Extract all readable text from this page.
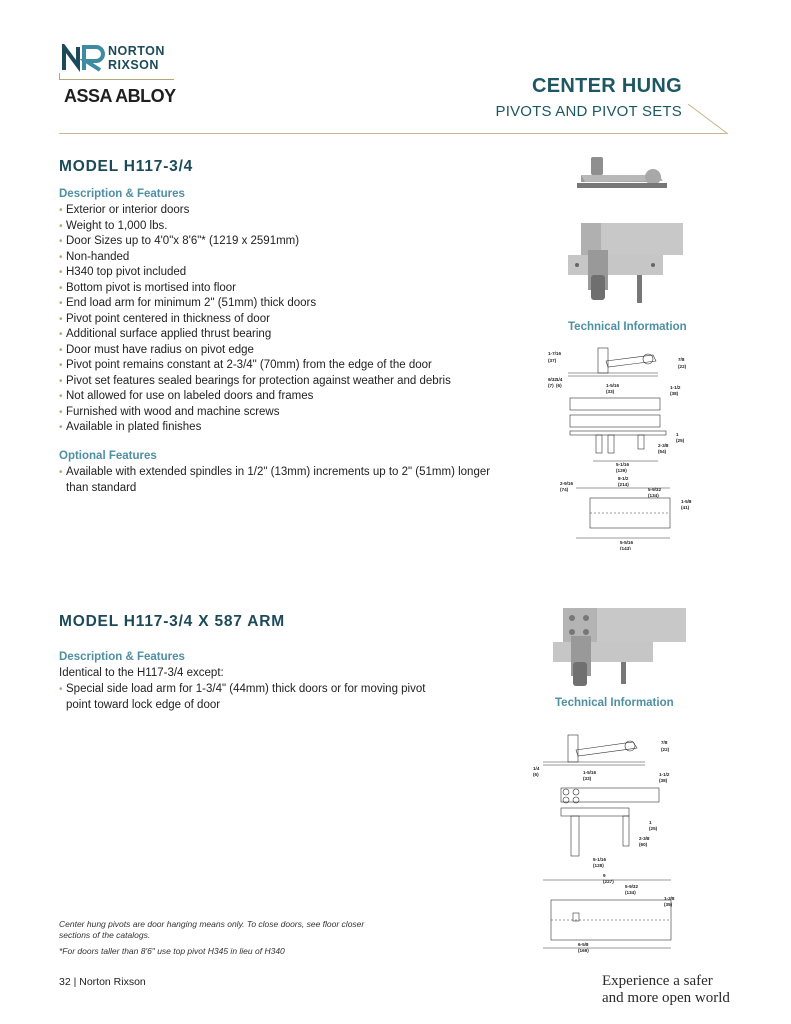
NORTON
RIXSON
ASSA ABLOY	CENTER HUNG
PIVOTS AND PIVOT SETS
MODEL H117-3/4
Description & Features
• Exterior or interior doors
• Weight to 1,000 lbs.
• Door Sizes up to 4'0"x 8'6"* (1219 x 2591mm)
• Non-handed
• H340 top pivot included
• Bottom pivot is mortised into floor
• End load arm for minimum 2" (51mm) thick doors
• Pivot point centered in thickness of door
• Additional surface applied thrust bearing
• Door must have radius on pivot edge
• Pivot point remains constant at 2-3/4" (70mm) from the edge of the door
• Pivot set features sealed bearings for protection against weather and debris
• Not allowed for use on labeled doors and frames
• Furnished with wood and machine screws
• Available in plated finishes
Optional Features
• Available with extended spindles in 1/2" (13mm) increments up to 2" (51mm) longer than standard
Technical Information
1-7/16
(37)	7/8
(22)
9/32
(7)
1/4
(6)	1-5/16
(33)
1-1/2
(38)
1
(25)
2-3/8
(54)
5-1/16
(129)
8-1/2
(214)
5-9/32
(134)
2-9/16
(74)
1-5/8
(41)
5-5/16
(143)
MODEL H117-3/4 X 587 ARM
Description & Features
Identical to the H117-3/4 except:
• Special side load arm for 1-3/4" (44mm) thick doors or for moving pivot point toward lock edge of door	Technical Information
7/8
(22)
1/4
(6)	1-5/16
(33)
1-1/2
(38)
1
(25)
2-3/8
(60)
5-1/16
(128)
9
(227)
5-9/32
(134)
1-3/8
(35)
6-5/8
(169)
Center hung pivots are door hanging means only. To close doors, see floor closer
sections of the catalogs.
*For doors taller than 8'6" use top pivot H345 in lieu of H340
32 | Norton Rixson	Experience a safer
and more open world
